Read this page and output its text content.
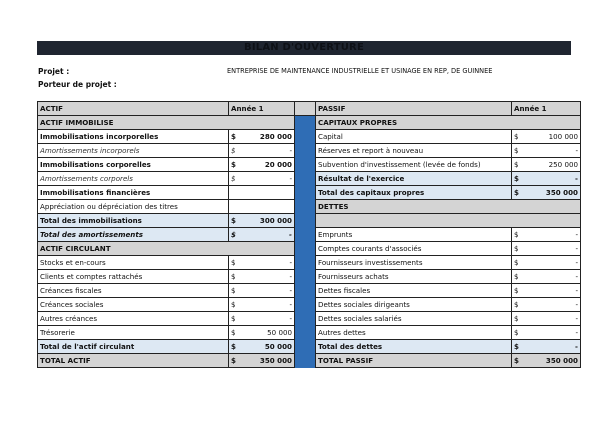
BILAN D'OUVERTURE
Projet :
Porteur de projet :
ENTREPRISE DE MAINTENANCE INDUSTRIELLE ET USINAGE EN REP, DE GUINNEE
ACTIF	Année 1			PASSIF	Année 1	
ACTIF IMMOBILISE				CAPITAUX PROPRES		
Immobilisations incorporelles	$	280 000		Capital	$	100 000
Amortissements incorporels	$	-		Réserves et report à nouveau	$	-
Immobilisations corporelles	$	20 000		Subvention d'investissement (levée de fonds)	$	250 000
Amortissements corporels	$	-		Résultat de l'exercice	$	-
Immobilisations financières				Total des capitaux propres	$	350 000
Appréciation ou dépréciation des titres				DETTES		
Total des immobilisations	$	300 000				
Total des amortissements	$	-		Emprunts	$	-
ACTIF CIRCULANT				Comptes courants d'associés	$	-
Stocks et en-cours	$	-		Fournisseurs investissements	$	-
Clients et comptes rattachés	$	-		Fournisseurs achats	$	-
Créances fiscales	$	-		Dettes fiscales	$	-
Créances sociales	$	-		Dettes sociales dirigeants	$	-
Autres créances	$	-		Dettes sociales salariés	$	-
Trésorerie	$	50 000		Autres dettes	$	-
Total de l'actif circulant	$	50 000		Total des dettes	$	-
TOTAL ACTIF	$	350 000		TOTAL PASSIF	$	350 000
